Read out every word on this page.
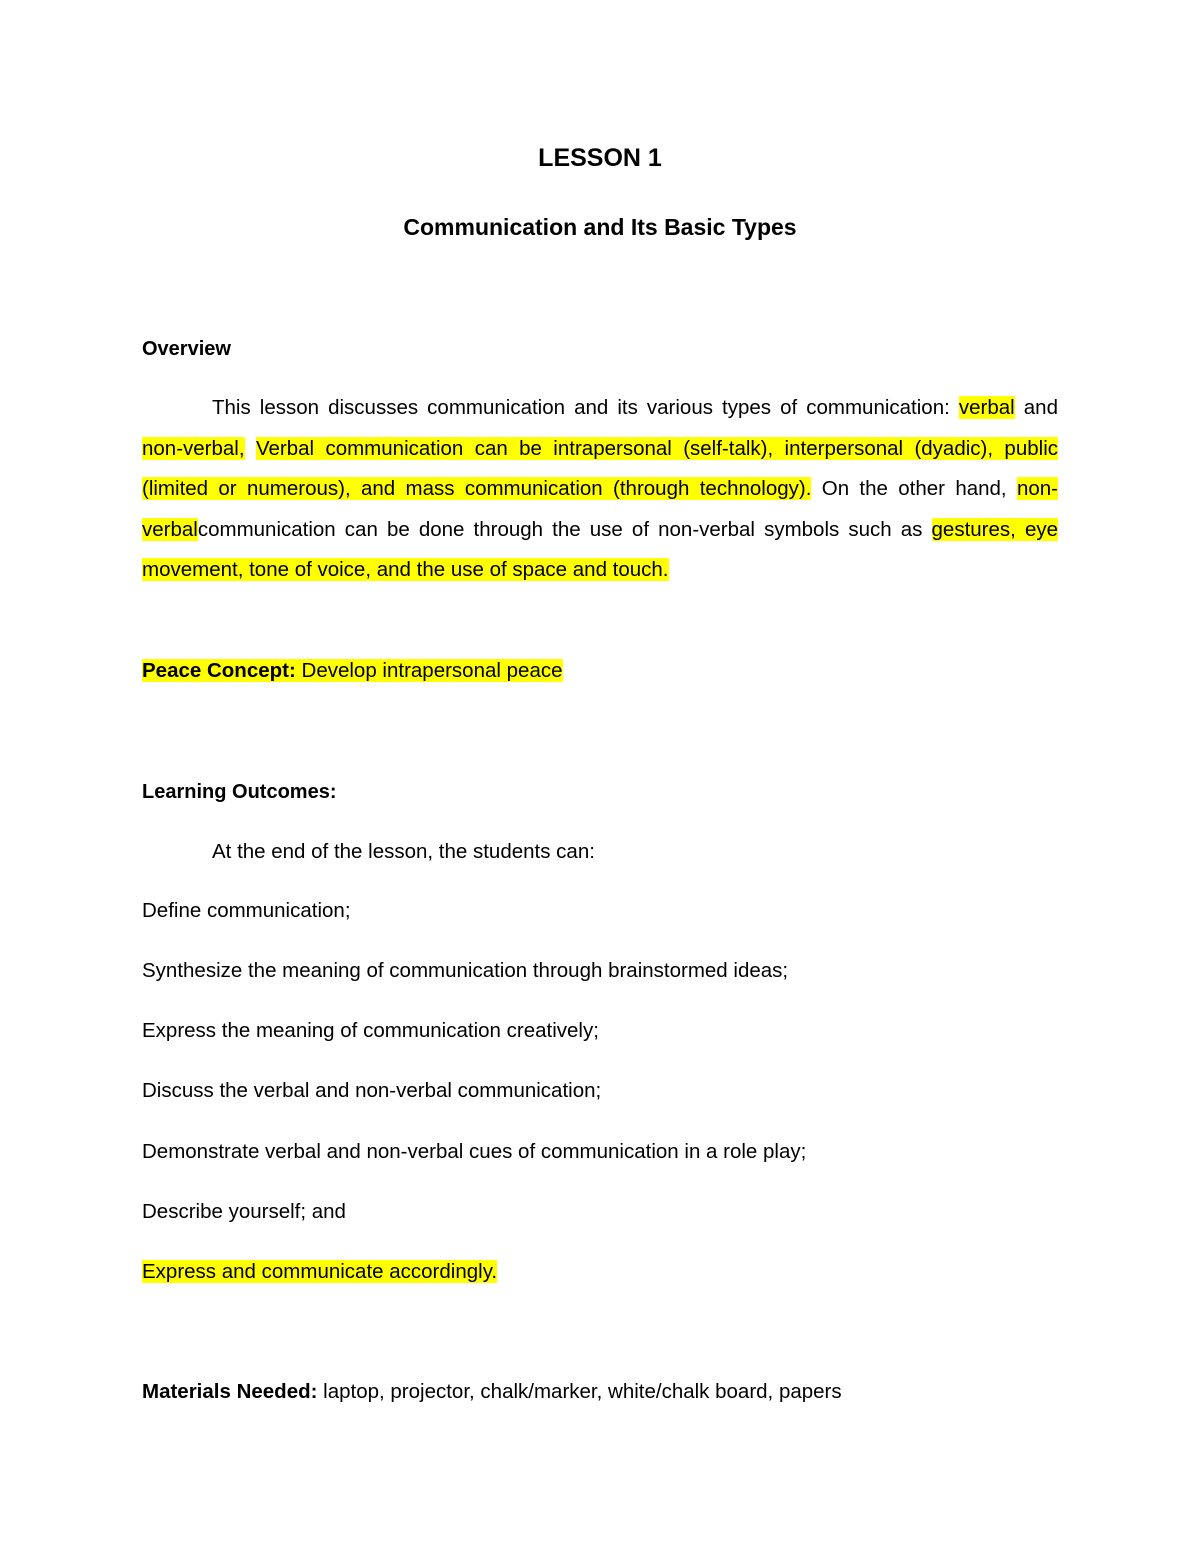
LESSON 1
Communication and Its Basic Types
Overview

This lesson discusses communication and its various types of communication: verbal and non-verbal, Verbal communication can be intrapersonal (self-talk), interpersonal (dyadic), public (limited or numerous), and mass communication (through technology). On the other hand, non-verbalcommunication can be done through the use of non-verbal symbols such as gestures, eye movement, tone of voice, and the use of space and touch.

Peace Concept: Develop intrapersonal peace

Learning Outcomes:

At the end of the lesson, the students can:

Define communication;

Synthesize the meaning of communication through brainstormed ideas;

Express the meaning of communication creatively;

Discuss the verbal and non-verbal communication;

Demonstrate verbal and non-verbal cues of communication in a role play;

Describe yourself; and

Express and communicate accordingly.

Materials Needed: laptop, projector, chalk/marker, white/chalk board, papers
